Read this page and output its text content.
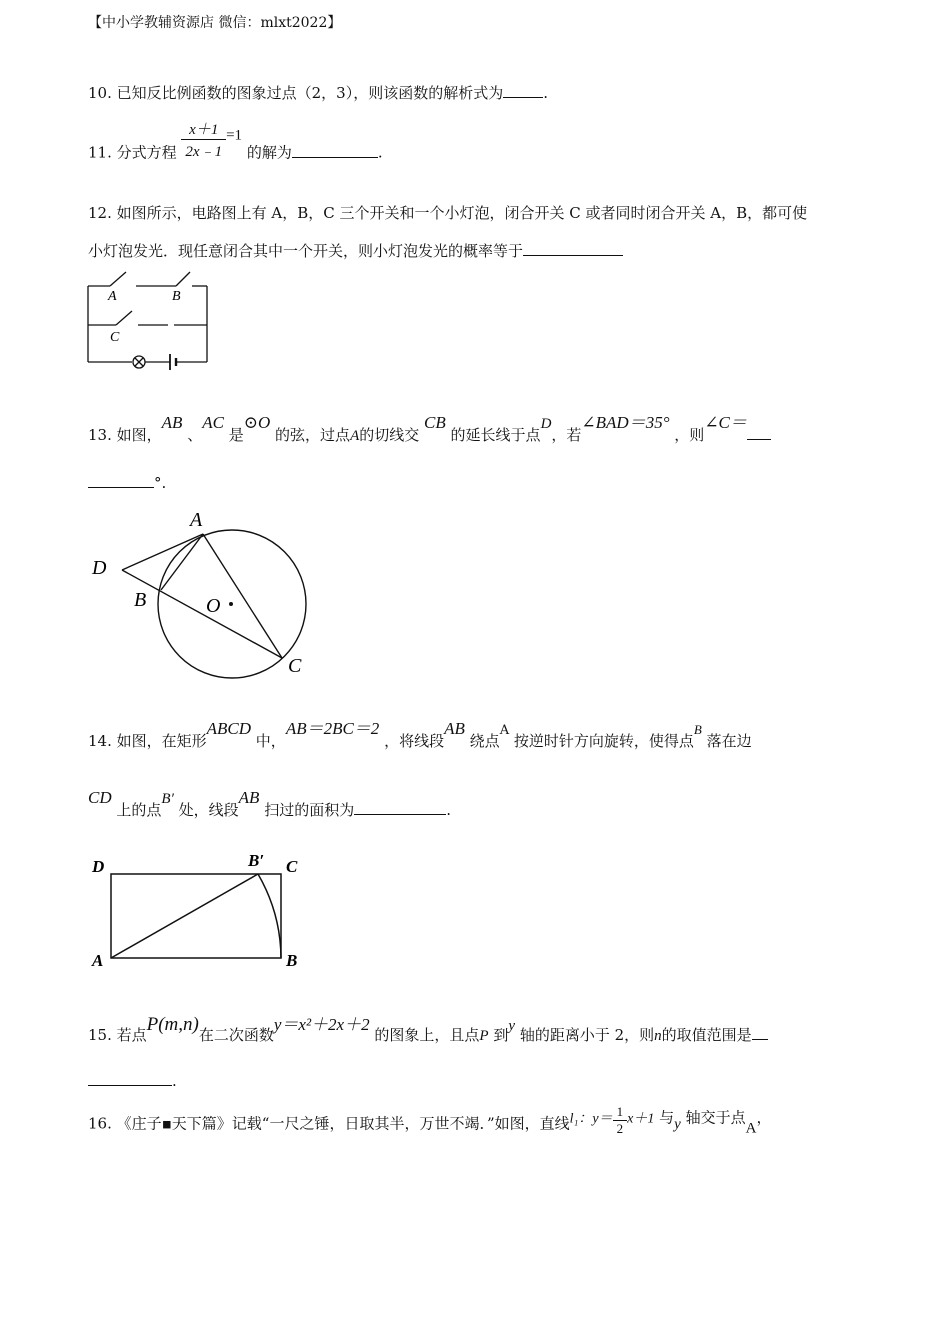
【中小学教辅资源店 微信：mlxt2022】
10. 已知反比例函数的图象过点（2，3），则该函数的解析式为	.
11. 分式方程 $\frac{x+1}{2x﹣1} =1$ 的解为	.
12. 如图所示，电路图上有 A，B，C 三个开关和一个小灯泡，闭合开关 C 或者同时闭合开关 A，B，都可使
小灯泡发光．现任意闭合其中一个开关，则小灯泡发光的概率等于
A	B
C
13. 如图，AB 、AC 是⊙O 的弦，过点A的切线交 CB 的延长线于点D，若∠BAD＝35° ，则∠C＝
°.
A
D
B	O
C
14. 如图，在矩形ABCD 中，AB＝2BC＝2 ，将线段AB 绕点A 按逆时针方向旋转，使得点B 落在边
CD 上的点B′ 处，线段AB 扫过的面积为	.
D	B′ C
A	B
15. 若点P(m,n)在二次函数y＝x²＋2x＋2 的图象上，且点P 到y 轴的距离小于 2，则n的取值范围是
.
16. 《庄子▪天下篇》记载“一尺之锤，日取其半，万世不竭．”如图，直线l₁：$y= \frac{1}{2} x+1$ 与y 轴交于点A，
